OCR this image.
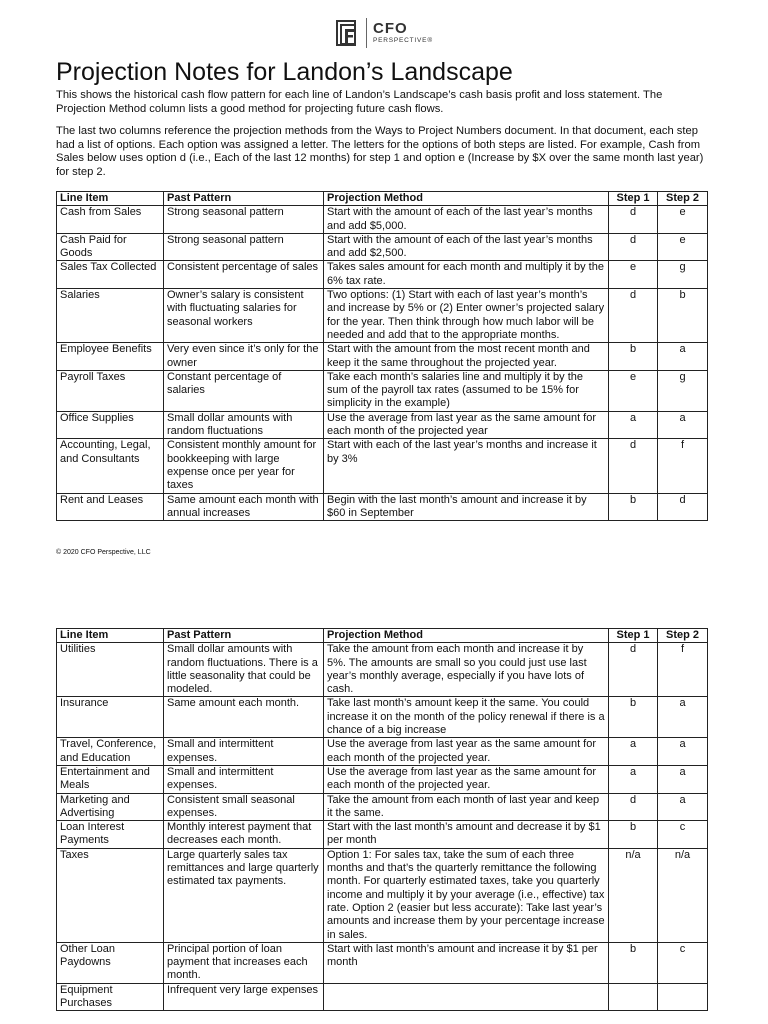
CFO
PERSPECTIVE®
Projection Notes for Landon’s Landscape

This shows the historical cash flow pattern for each line of Landon’s Landscape’s cash basis profit and loss statement. The Projection Method column lists a good method for projecting future cash flows.

The last two columns reference the projection methods from the Ways to Project Numbers document. In that document, each step had a list of options. Each option was assigned a letter. The letters for the options of both steps are listed. For example, Cash from Sales below uses option d (i.e., Each of the last 12 months) for step 1 and option e (Increase by $X over the same month last year) for step 2.

Line Item	Past Pattern	Projection Method	Step 1	Step 2
Cash from Sales	Strong seasonal pattern	Start with the amount of each of the last year’s months and add $5,000.	d	e
Cash Paid for Goods	Strong seasonal pattern	Start with the amount of each of the last year’s months and add $2,500.	d	e
Sales Tax Collected	Consistent percentage of sales	Takes sales amount for each month and multiply it by the 6% tax rate.	e	g
Salaries	Owner’s salary is consistent with fluctuating salaries for seasonal workers	Two options: (1) Start with each of last year’s month’s and increase by 5% or (2) Enter owner’s projected salary for the year. Then think through how much labor will be needed and add that to the appropriate months.	d	b
Employee Benefits	Very even since it’s only for the owner	Start with the amount from the most recent month and keep it the same throughout the projected year.	b	a
Payroll Taxes	Constant percentage of salaries	Take each month’s salaries line and multiply it by the sum of the payroll tax rates (assumed to be 15% for simplicity in the example)	e	g
Office Supplies	Small dollar amounts with random fluctuations	Use the average from last year as the same amount for each month of the projected year	a	a
Accounting, Legal, and Consultants	Consistent monthly amount for bookkeeping with large expense once per year for taxes	Start with each of the last year’s months and increase it by 3%	d	f
Rent and Leases	Same amount each month with annual increases	Begin with the last month’s amount and increase it by $60 in September	b	d
© 2020 CFO Perspective, LLC
Line Item	Past Pattern	Projection Method	Step 1	Step 2
Utilities	Small dollar amounts with random fluctuations. There is a little seasonality that could be modeled.	Take the amount from each month and increase it by 5%. The amounts are small so you could just use last year’s monthly average, especially if you have lots of cash.	d	f
Insurance	Same amount each month.	Take last month’s amount keep it the same. You could increase it on the month of the policy renewal if there is a chance of a big increase	b	a
Travel, Conference, and Education	Small and intermittent expenses.	Use the average from last year as the same amount for each month of the projected year.	a	a
Entertainment and Meals	Small and intermittent expenses.	Use the average from last year as the same amount for each month of the projected year.	a	a
Marketing and Advertising	Consistent small seasonal expenses.	Take the amount from each month of last year and keep it the same.	d	a
Loan Interest Payments	Monthly interest payment that decreases each month.	Start with the last month’s amount and decrease it by $1 per month	b	c
Taxes	Large quarterly sales tax remittances and large quarterly estimated tax payments.	Option 1: For sales tax, take the sum of each three months and that’s the quarterly remittance the following month. For quarterly estimated taxes, take you quarterly income and multiply it by your average (i.e., effective) tax rate. Option 2 (easier but less accurate): Take last year’s amounts and increase them by your percentage increase in sales.	n/a	n/a
Other Loan Paydowns	Principal portion of loan payment that increases each month.	Start with last month’s amount and increase it by $1 per month	b	c
Equipment Purchases	Infrequent very large expenses			
